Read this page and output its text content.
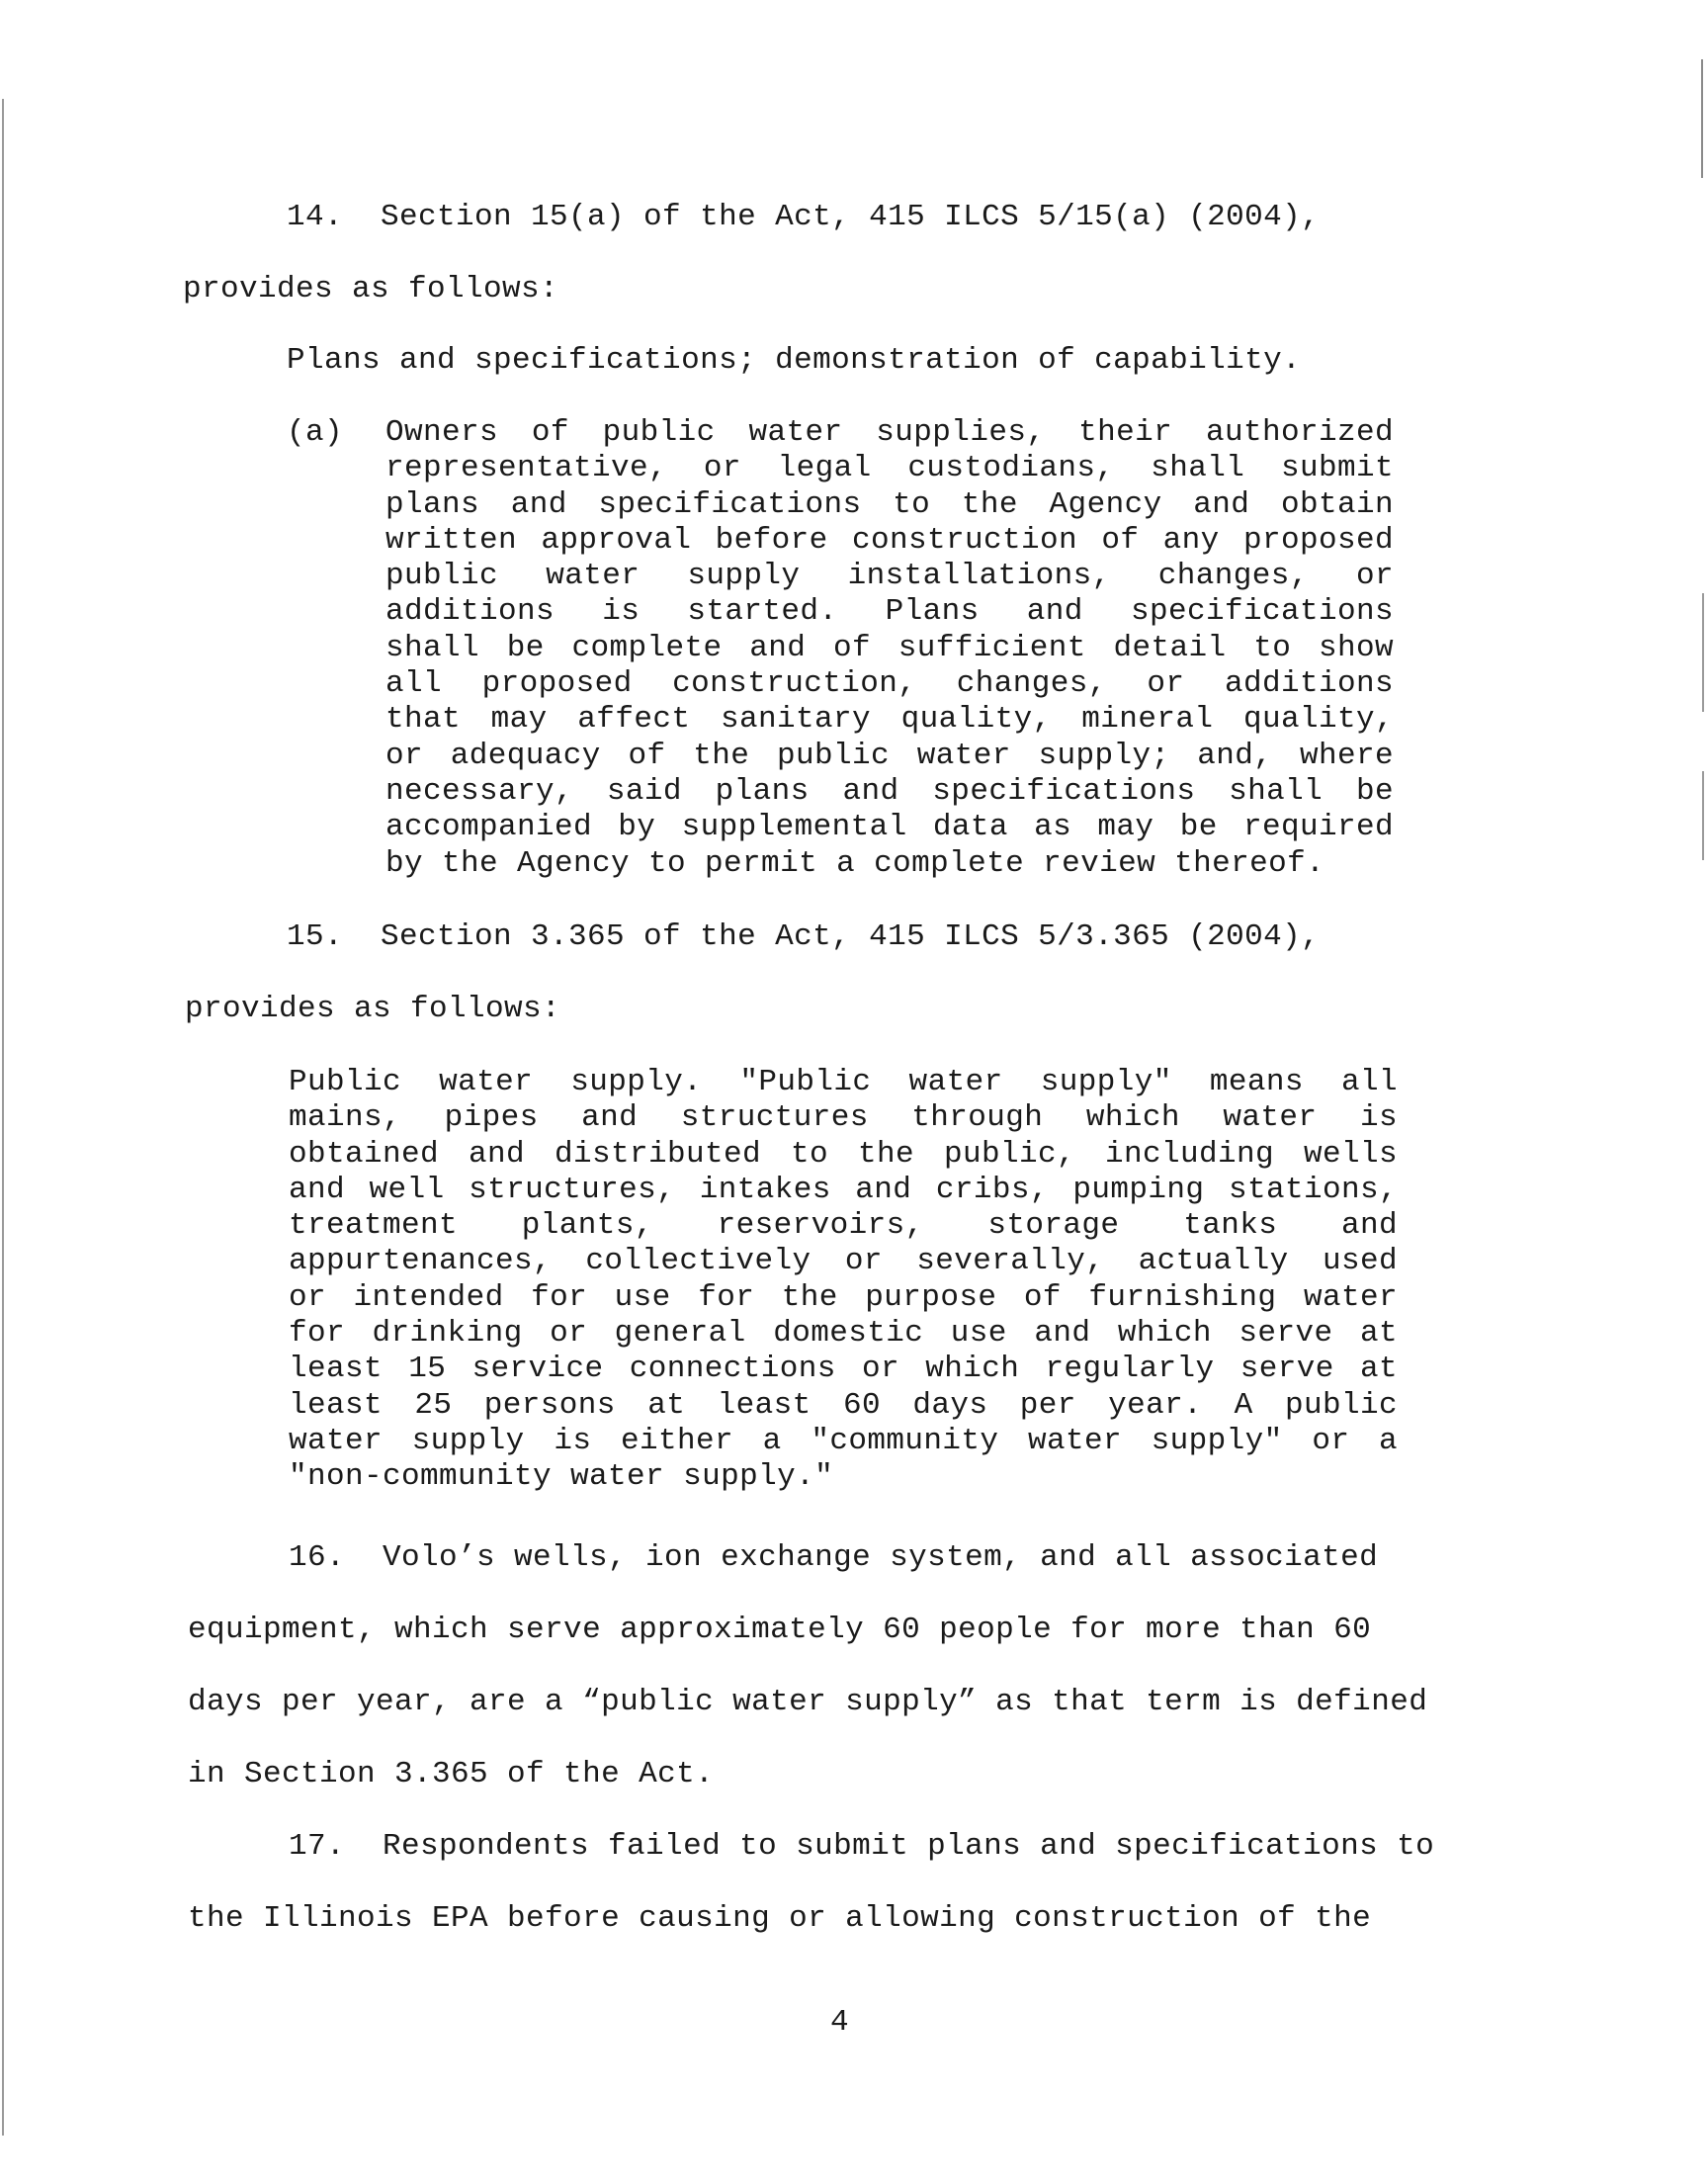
14.  Section 15(a) of the Act, 415 ILCS 5/15(a) (2004),
provides as follows:
Plans and specifications; demonstration of capability.
(a) Owners of public water supplies, their authorized
representative, or legal custodians, shall submit
plans and specifications to the Agency and obtain
written approval before construction of any proposed
public water supply installations, changes, or
additions is started. Plans and specifications
shall be complete and of sufficient detail to show
all proposed construction, changes, or additions
that may affect sanitary quality, mineral quality,
or adequacy of the public water supply; and, where
necessary, said plans and specifications shall be
accompanied by supplemental data as may be required
by the Agency to permit a complete review thereof.
15.  Section 3.365 of the Act, 415 ILCS 5/3.365 (2004),
provides as follows:
Public water supply. "Public water supply" means all
mains, pipes and structures through which water is
obtained and distributed to the public, including wells
and well structures, intakes and cribs, pumping stations,
treatment plants, reservoirs, storage tanks and
appurtenances, collectively or severally, actually used
or intended for use for the purpose of furnishing water
for drinking or general domestic use and which serve at
least 15 service connections or which regularly serve at
least 25 persons at least 60 days per year. A public
water supply is either a "community water supply" or a
"non-community water supply."
16.  Volo’s wells, ion exchange system, and all associated
equipment, which serve approximately 60 people for more than 60
days per year, are a “public water supply” as that term is defined
in Section 3.365 of the Act.
17.  Respondents failed to submit plans and specifications to
the Illinois EPA before causing or allowing construction of the
4
